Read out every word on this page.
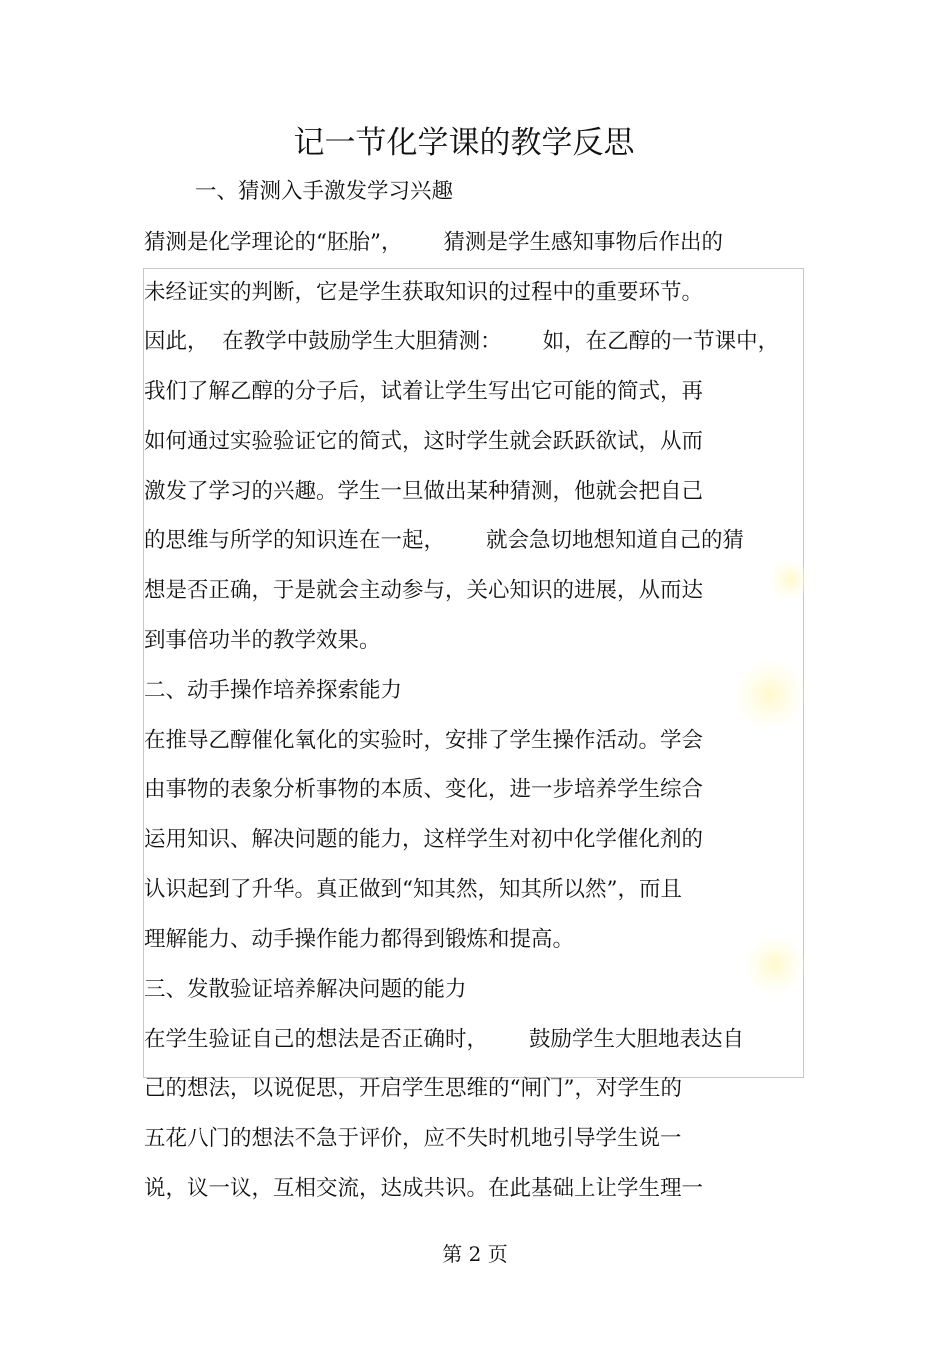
记一节化学课的教学反思
一、猜测入手激发学习兴趣
猜测是化学理论的“胚胎”，      猜测是学生感知事物后作出的
未经证实的判断，它是学生获取知识的过程中的重要环节。
因此，  在教学中鼓励学生大胆猜测：      如，在乙醇的一节课中，
我们了解乙醇的分子后，试着让学生写出它可能的简式，再
如何通过实验验证它的简式，这时学生就会跃跃欲试，从而
激发了学习的兴趣。学生一旦做出某种猜测，他就会把自己
的思维与所学的知识连在一起，      就会急切地想知道自己的猜
想是否正确，于是就会主动参与，关心知识的进展，从而达
到事倍功半的教学效果。
二、动手操作培养探索能力
在推导乙醇催化氧化的实验时，安排了学生操作活动。学会
由事物的表象分析事物的本质、变化，进一步培养学生综合
运用知识、解决问题的能力，这样学生对初中化学催化剂的
认识起到了升华。真正做到“知其然，知其所以然”，而且
理解能力、动手操作能力都得到锻炼和提高。
三、发散验证培养解决问题的能力
在学生验证自己的想法是否正确时，      鼓励学生大胆地表达自
己的想法，以说促思，开启学生思维的“闸门”，对学生的
五花八门的想法不急于评价，应不失时机地引导学生说一
说，议一议，互相交流，达成共识。在此基础上让学生理一
第 2 页
